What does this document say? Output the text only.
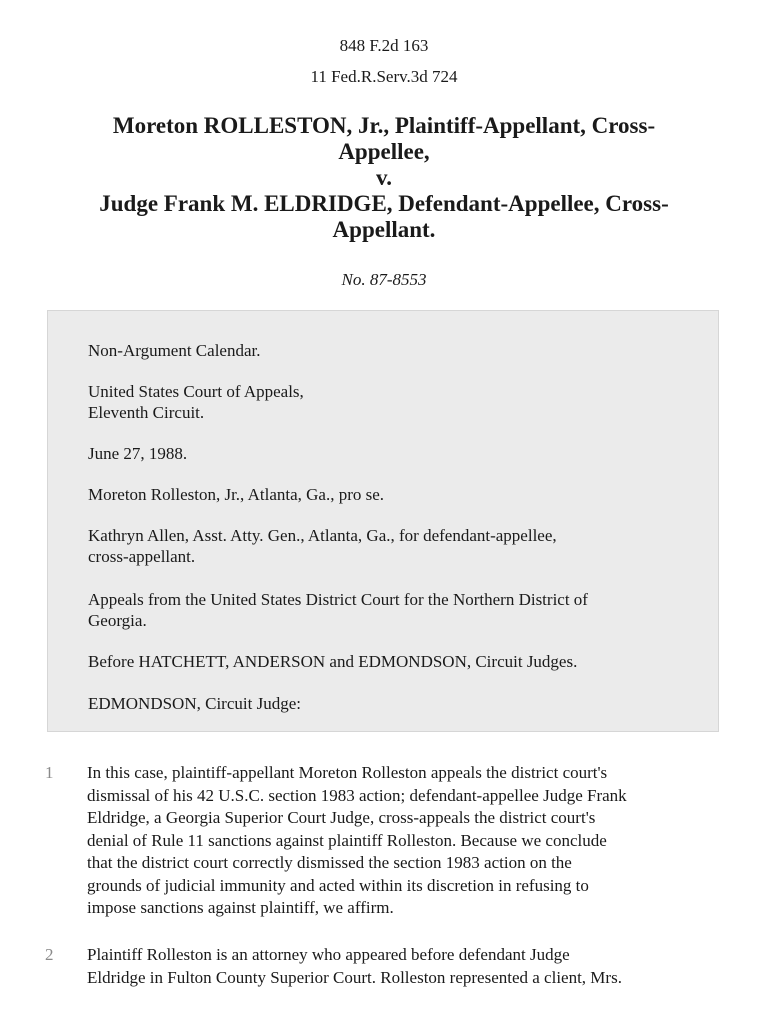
848 F.2d 163
11 Fed.R.Serv.3d 724
Moreton ROLLESTON, Jr., Plaintiff-Appellant, Cross-
Appellee,
v.
Judge Frank M. ELDRIDGE, Defendant-Appellee, Cross-
Appellant.
No. 87-8553

Non-Argument Calendar.

United States Court of Appeals,
Eleventh Circuit.

June 27, 1988.

Moreton Rolleston, Jr., Atlanta, Ga., pro se.

Kathryn Allen, Asst. Atty. Gen., Atlanta, Ga., for defendant-appellee,
cross-appellant.

Appeals from the United States District Court for the Northern District of
Georgia.

Before HATCHETT, ANDERSON and EDMONDSON, Circuit Judges.

EDMONDSON, Circuit Judge:

1 In this case, plaintiff-appellant Moreton Rolleston appeals the district court's
dismissal of his 42 U.S.C. section 1983 action; defendant-appellee Judge Frank
Eldridge, a Georgia Superior Court Judge, cross-appeals the district court's
denial of Rule 11 sanctions against plaintiff Rolleston. Because we conclude
that the district court correctly dismissed the section 1983 action on the
grounds of judicial immunity and acted within its discretion in refusing to
impose sanctions against plaintiff, we affirm.

2 Plaintiff Rolleston is an attorney who appeared before defendant Judge
Eldridge in Fulton County Superior Court. Rolleston represented a client, Mrs.
